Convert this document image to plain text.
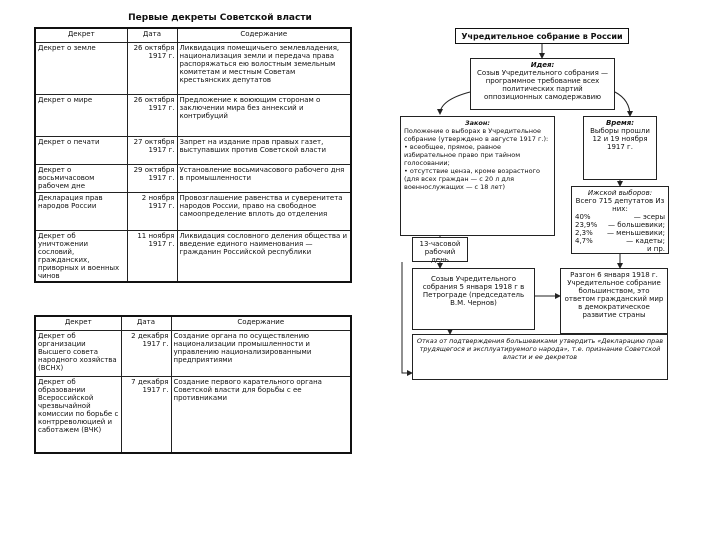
Первые декреты Советской власти
Декрет	Дата	Содержание
Декрет о земле	26 октября 1917 г.	Ликвидация помещичьего землевладения, национализация земли и передача права распоряжаться ею волостным земельным комитетам и местным Советам крестьянских депутатов
Декрет о мире	26 октября 1917 г.	Предложение к воюющим сторонам о заключении мира без аннексий и контрибуций
Декрет о печати	27 октября 1917 г.	Запрет на издание прав правых газет, выступавших против Советской власти
Декрет о восьмичасовом рабочем дне	29 октября 1917 г.	Установление восьмичасового рабочего дня в промышленности
Декларация прав народов России	2 ноября 1917 г.	Провозглашение равенства и суверенитета народов России, право на свободное самоопределение вплоть до отделения
Декрет об уничтожении сословий, гражданских, приворных и военных чинов	11 ноября 1917 г.	Ликвидация сословного деления общества и введение единого наименования — гражданин Российской республики
Декрет	Дата	Содержание
Декрет об организации Высшего совета народного хозяйства (ВСНХ)	2 декабря 1917 г.	Создание органа по осуществлению национализации промышленности и управлению национализированными предприятиями
Декрет об образовании Всероссийской чрезвычайной комиссии по борьбе с контрреволюцией и саботажем (ВЧК)	7 декабря 1917 г.	Создание первого карательного органа Советской власти для борьбы с ее противниками
Учредительное собрание в России
Идея:
Созыв Учредительного собрания — программное требование всех политических партий оппозиционных самодержавию
Закон:
Положение о выборах в Учредительное собрание (утверждено в августе 1917 г.):
• всеобщее, прямое, равное избирательное право при тайном голосовании;
• отсутствие ценза, кроме возрастного (для всех граждан — с 20 л для военнослужащих — с 18 лет)
Время:
Выборы прошли 12 и 19 ноября 1917 г.
Ижской выборов:
Всего 715 депутатов Из них:
40%	— эсеры
23,9% — большевики;
2,3% — меньшевики;
4,7%	— кадеты;
и пр.
13-часовой рабочий день
Созыв Учредительного собрания 5 января 1918 г в Петрограде (председатель В.М. Чернов)
Разгон 6 января 1918 г. Учредительное собрание большинством, это ответом гражданский мир в демократическое развитие страны
Отказ от подтверждения большевиками утвердить «Декларацию прав трудящегося и эксплуатируемого народа», т.е. признание Советской власти и ее декретов
